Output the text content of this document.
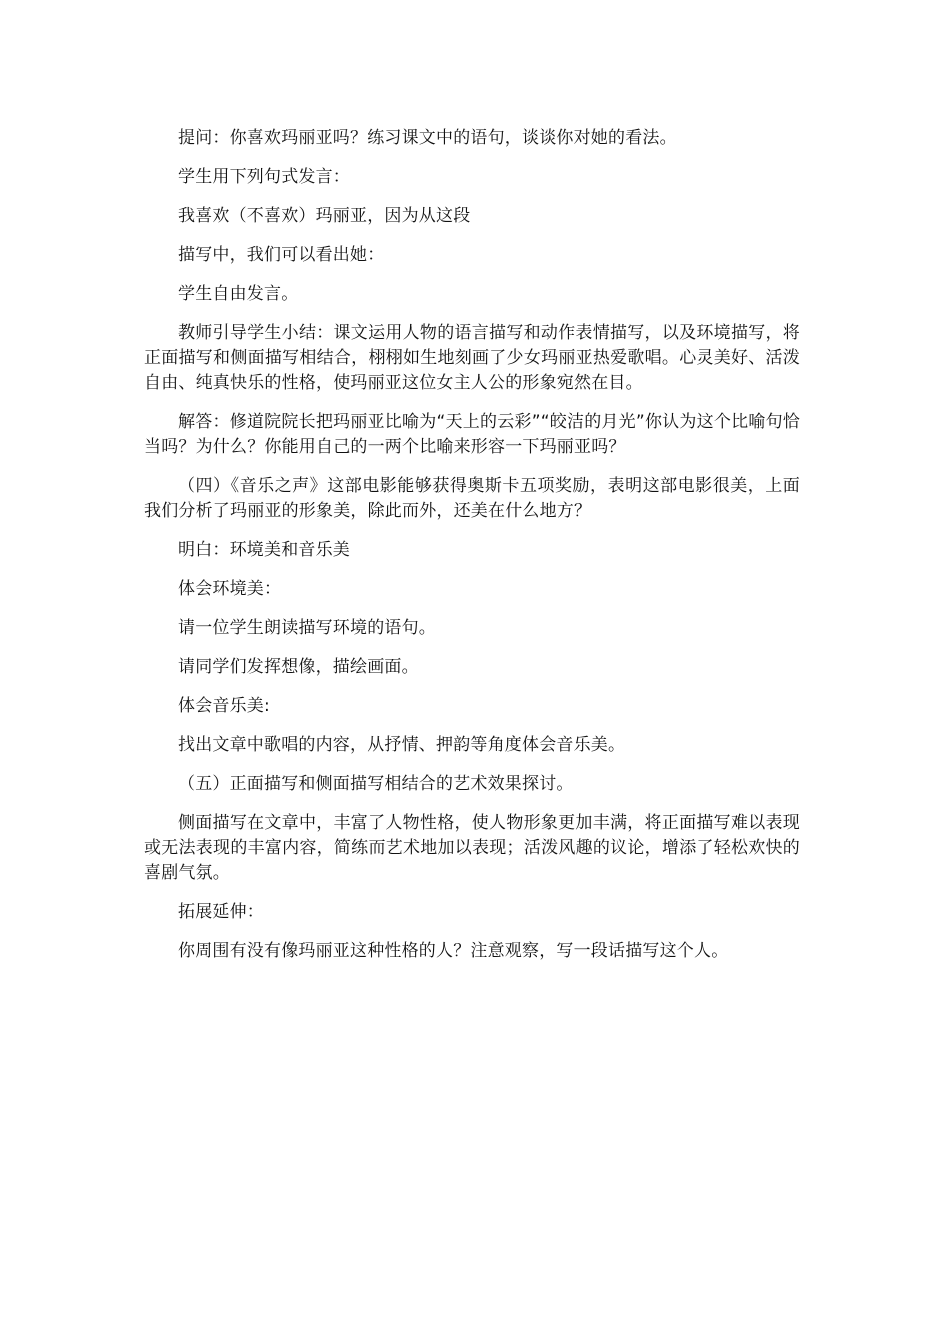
提问：你喜欢玛丽亚吗？练习课文中的语句，谈谈你对她的看法。

学生用下列句式发言：

我喜欢（不喜欢）玛丽亚，因为从这段

描写中，我们可以看出她：

学生自由发言。

教师引导学生小结：课文运用人物的语言描写和动作表情描写，以及环境描写，将正面描写和侧面描写相结合，栩栩如生地刻画了少女玛丽亚热爱歌唱。心灵美好、活泼自由、纯真快乐的性格，使玛丽亚这位女主人公的形象宛然在目。

解答：修道院院长把玛丽亚比喻为“天上的云彩”“皎洁的月光”你认为这个比喻句恰当吗？为什么？你能用自己的一两个比喻来形容一下玛丽亚吗？

（四）《音乐之声》这部电影能够获得奥斯卡五项奖励，表明这部电影很美，上面我们分析了玛丽亚的形象美，除此而外，还美在什么地方？

明白：环境美和音乐美

体会环境美：

请一位学生朗读描写环境的语句。

请同学们发挥想像，描绘画面。

体会音乐美:

找出文章中歌唱的内容，从抒情、押韵等角度体会音乐美。

（五）正面描写和侧面描写相结合的艺术效果探讨。

侧面描写在文章中，丰富了人物性格，使人物形象更加丰满，将正面描写难以表现或无法表现的丰富内容，简练而艺术地加以表现；活泼风趣的议论，增添了轻松欢快的喜剧气氛。

拓展延伸：

你周围有没有像玛丽亚这种性格的人？注意观察，写一段话描写这个人。
